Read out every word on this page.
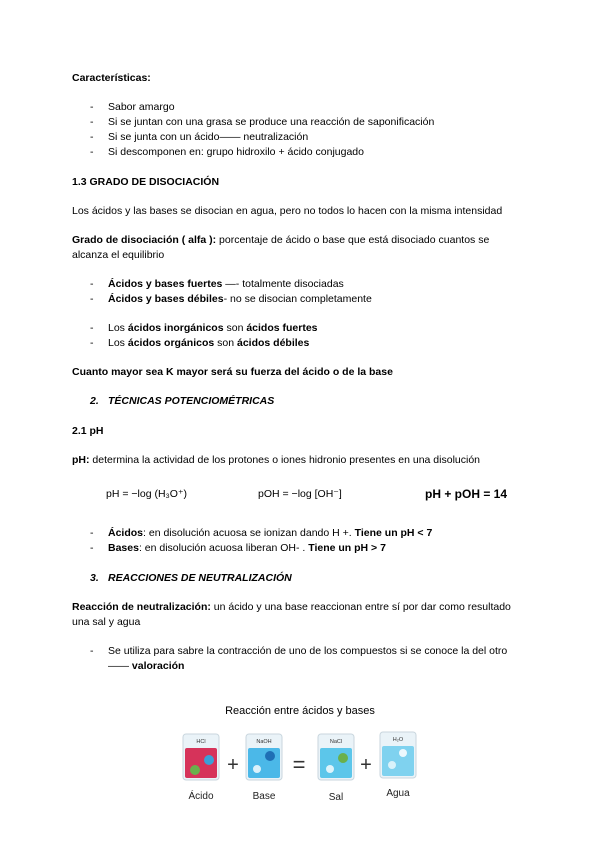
Características:
- Sabor amargo
- Si se juntan con una grasa se produce una reacción de saponificación
- Si se junta con un ácido—— neutralización
- Si descomponen en: grupo hidroxilo + ácido conjugado
1.3 GRADO DE DISOCIACIÓN
Los ácidos y las bases se disocian en agua, pero no todos lo hacen con la misma intensidad
Grado de disociación ( alfa ): porcentaje de ácido o base que está disociado cuantos se alcanza el equilibrio
- Ácidos y bases fuertes —- totalmente disociadas
- Ácidos y bases débiles- no se disocian completamente
- Los ácidos inorgánicos son ácidos fuertes
- Los ácidos orgánicos son ácidos débiles
Cuanto mayor sea K mayor será su fuerza del ácido o de la base
2. TÉCNICAS POTENCIOMÉTRICAS
2.1 pH
pH: determina la actividad de los protones o iones hidronio presentes en una disolución
pH = −log (H₃O⁺)	pOH = −log [OH⁻]	pH + pOH = 14
- Ácidos: en disolución acuosa se ionizan dando H +. Tiene un pH < 7
- Bases: en disolución acuosa liberan OH- . Tiene un pH > 7
3. REACCIONES DE NEUTRALIZACIÓN
Reacción de neutralización: un ácido y una base reaccionan entre sí por dar como resultado una sal y agua
- Se utiliza para sabre la contracción de uno de los compuestos si se conoce la del otro —— valoración
Reacción entre ácidos y bases
HCl
Ácido
+
NaOH
Base
=
NaCl
Sal
+
H₂O
Agua
